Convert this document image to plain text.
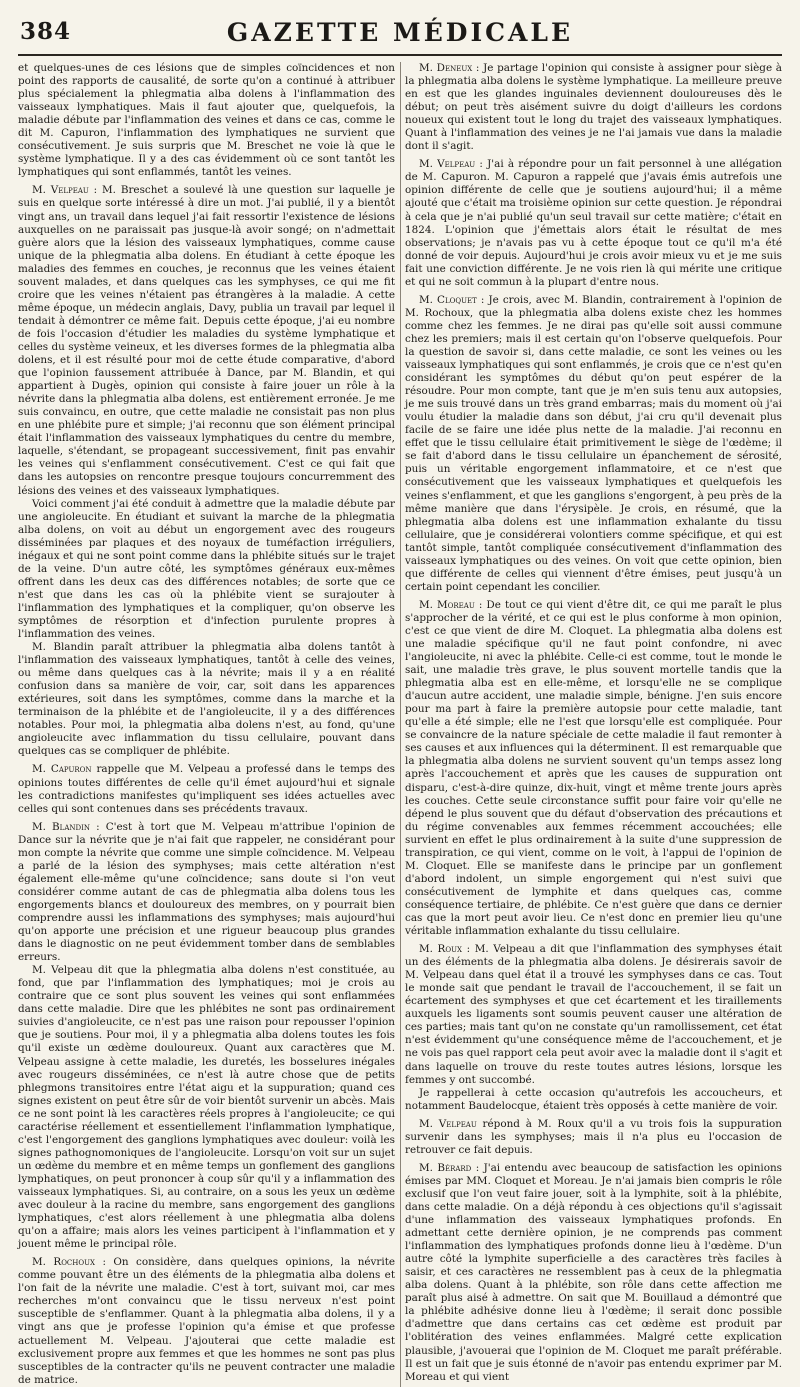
384	GAZETTE MÉDICALE

et quelques-unes de ces lésions que de simples coïncidences et non point des rapports de causalité, de sorte qu'on a continué à attribuer plus spécialement la phlegmatia alba dolens à l'inflammation des vaisseaux lymphatiques. Mais il faut ajouter que, quelquefois, la maladie débute par l'inflammation des veines et dans ce cas, comme le dit M. Capuron, l'inflammation des lymphatiques ne survient que consécutivement. Je suis surpris que M. Breschet ne voie là que le système lymphatique. Il y a des cas évidemment où ce sont tantôt les lymphatiques qui sont enflammés, tantôt les veines.

M. Velpeau : M. Breschet a soulevé là une question sur laquelle je suis en quelque sorte intéressé à dire un mot. J'ai publié, il y a bientôt vingt ans, un travail dans lequel j'ai fait ressortir l'existence de lésions auxquelles on ne paraissait pas jusque-là avoir songé; on n'admettait guère alors que la lésion des vaisseaux lymphatiques, comme cause unique de la phlegmatia alba dolens. En étudiant à cette époque les maladies des femmes en couches, je reconnus que les veines étaient souvent malades, et dans quelques cas les symphyses, ce qui me fit croire que les veines n'étaient pas étrangères à la maladie. A cette même époque, un médecin anglais, Davy, publia un travail par lequel il tendait à démontrer ce même fait. Depuis cette époque, j'ai eu nombre de fois l'occasion d'étudier les maladies du système lymphatique et celles du système veineux, et les diverses formes de la phlegmatia alba dolens, et il est résulté pour moi de cette étude comparative, d'abord que l'opinion faussement attribuée à Dance, par M. Blandin, et qui appartient à Dugès, opinion qui consiste à faire jouer un rôle à la névrite dans la phlegmatia alba dolens, est entièrement erronée. Je me suis convaincu, en outre, que cette maladie ne consistait pas non plus en une phlébite pure et simple; j'ai reconnu que son élément principal était l'inflammation des vaisseaux lymphatiques du centre du membre, laquelle, s'étendant, se propageant successivement, finit pas envahir les veines qui s'enflamment consécutivement. C'est ce qui fait que dans les autopsies on rencontre presque toujours concurremment des lésions des veines et des vaisseaux lymphatiques.

Voici comment j'ai été conduit à admettre que la maladie débute par une angioleucite. En étudiant et suivant la marche de la phlegmatia alba dolens, on voit au début un engorgement avec des rougeurs disséminées par plaques et des noyaux de tuméfaction irréguliers, inégaux et qui ne sont point comme dans la phlébite situés sur le trajet de la veine. D'un autre côté, les symptômes généraux eux-mêmes offrent dans les deux cas des différences notables; de sorte que ce n'est que dans les cas où la phlébite vient se surajouter à l'inflammation des lymphatiques et la compliquer, qu'on observe les symptômes de résorption et d'infection purulente propres à l'inflammation des veines.

M. Blandin paraît attribuer la phlegmatia alba dolens tantôt à l'inflammation des vaisseaux lymphatiques, tantôt à celle des veines, ou même dans quelques cas à la névrite; mais il y a en réalité confusion dans sa manière de voir, car, soit dans les apparences extérieures, soit dans les symptômes, comme dans la marche et la terminaison de la phlébite et de l'angioleucite, il y a des différences notables. Pour moi, la phlegmatia alba dolens n'est, au fond, qu'une angioleucite avec inflammation du tissu cellulaire, pouvant dans quelques cas se compliquer de phlébite.

M. Capuron rappelle que M. Velpeau a professé dans le temps des opinions toutes différentes de celle qu'il émet aujourd'hui et signale les contradictions manifestes qu'impliquent ses idées actuelles avec celles qui sont contenues dans ses précédents travaux.

M. Blandin : C'est à tort que M. Velpeau m'attribue l'opinion de Dance sur la névrite que je n'ai fait que rappeler, ne considérant pour mon compte la névrite que comme une simple coïncidence. M. Velpeau a parlé de la lésion des symphyses; mais cette altération n'est également elle-même qu'une coïncidence; sans doute si l'on veut considérer comme autant de cas de phlegmatia alba dolens tous les engorgements blancs et douloureux des membres, on y pourrait bien comprendre aussi les inflammations des symphyses; mais aujourd'hui qu'on apporte une précision et une rigueur beaucoup plus grandes dans le diagnostic on ne peut évidemment tomber dans de semblables erreurs.

M. Velpeau dit que la phlegmatia alba dolens n'est constituée, au fond, que par l'inflammation des lymphatiques; moi je crois au contraire que ce sont plus souvent les veines qui sont enflammées dans cette maladie. Dire que les phlébites ne sont pas ordinairement suivies d'angioleucite, ce n'est pas une raison pour repousser l'opinion que je soutiens. Pour moi, il y a phlegmatia alba dolens toutes les fois qu'il existe un œdème douloureux. Quant aux caractères que M. Velpeau assigne à cette maladie, les duretés, les bosselures inégales avec rougeurs disséminées, ce n'est là autre chose que de petits phlegmons transitoires entre l'état aigu et la suppuration; quand ces signes existent on peut être sûr de voir bientôt survenir un abcès. Mais ce ne sont point là les caractères réels propres à l'angioleucite; ce qui caractérise réellement et essentiellement l'inflammation lymphatique, c'est l'engorgement des ganglions lymphatiques avec douleur: voilà les signes pathognomoniques de l'angioleucite. Lorsqu'on voit sur un sujet un œdème du membre et en même temps un gonflement des ganglions lymphatiques, on peut prononcer à coup sûr qu'il y a inflammation des vaisseaux lymphatiques. Si, au contraire, on a sous les yeux un œdème avec douleur à la racine du membre, sans engorgement des ganglions lymphatiques, c'est alors réellement à une phlegmatia alba dolens qu'on a affaire; mais alors les veines participent à l'inflammation et y jouent même le principal rôle.

M. Rochoux : On considère, dans quelques opinions, la névrite comme pouvant être un des éléments de la phlegmatia alba dolens et l'on fait de la névrite une maladie. C'est à tort, suivant moi, car mes recherches m'ont convaincu que le tissu nerveux n'est point susceptible de s'enflammer. Quant à la phlegmatia alba dolens, il y a vingt ans que je professe l'opinion qu'a émise et que professe actuellement M. Velpeau. J'ajouterai que cette maladie est exclusivement propre aux femmes et que les hommes ne sont pas plus susceptibles de la contracter qu'ils ne peuvent contracter une maladie de matrice.

M. Deneux : Je partage l'opinion qui consiste à assigner pour siège à la phlegmatia alba dolens le système lymphatique. La meilleure preuve en est que les glandes inguinales deviennent douloureuses dès le début; on peut très aisément suivre du doigt d'ailleurs les cordons noueux qui existent tout le long du trajet des vaisseaux lymphatiques. Quant à l'inflammation des veines je ne l'ai jamais vue dans la maladie dont il s'agit.

M. Velpeau : J'ai à répondre pour un fait personnel à une allégation de M. Capuron. M. Capuron a rappelé que j'avais émis autrefois une opinion différente de celle que je soutiens aujourd'hui; il a même ajouté que c'était ma troisième opinion sur cette question. Je répondrai à cela que je n'ai publié qu'un seul travail sur cette matière; c'était en 1824. L'opinion que j'émettais alors était le résultat de mes observations; je n'avais pas vu à cette époque tout ce qu'il m'a été donné de voir depuis. Aujourd'hui je crois avoir mieux vu et je me suis fait une conviction différente. Je ne vois rien là qui mérite une critique et qui ne soit commun à la plupart d'entre nous.

M. Cloquet : Je crois, avec M. Blandin, contrairement à l'opinion de M. Rochoux, que la phlegmatia alba dolens existe chez les hommes comme chez les femmes. Je ne dirai pas qu'elle soit aussi commune chez les premiers; mais il est certain qu'on l'observe quelquefois. Pour la question de savoir si, dans cette maladie, ce sont les veines ou les vaisseaux lymphatiques qui sont enflammés, je crois que ce n'est qu'en considérant les symptômes du début qu'on peut espérer de la résoudre. Pour mon compte, tant que je m'en suis tenu aux autopsies, je me suis trouvé dans un très grand embarras; mais du moment où j'ai voulu étudier la maladie dans son début, j'ai cru qu'il devenait plus facile de se faire une idée plus nette de la maladie. J'ai reconnu en effet que le tissu cellulaire était primitivement le siège de l'œdème; il se fait d'abord dans le tissu cellulaire un épanchement de sérosité, puis un véritable engorgement inflammatoire, et ce n'est que consécutivement que les vaisseaux lymphatiques et quelquefois les veines s'enflamment, et que les ganglions s'engorgent, à peu près de la même manière que dans l'érysipèle. Je crois, en résumé, que la phlegmatia alba dolens est une inflammation exhalante du tissu cellulaire, que je considérerai volontiers comme spécifique, et qui est tantôt simple, tantôt compliquée consécutivement d'inflammation des vaisseaux lymphatiques ou des veines. On voit que cette opinion, bien que différente de celles qui viennent d'être émises, peut jusqu'à un certain point cependant les concilier.

M. Moreau : De tout ce qui vient d'être dit, ce qui me paraît le plus s'approcher de la vérité, et ce qui est le plus conforme à mon opinion, c'est ce que vient de dire M. Cloquet. La phlegmatia alba dolens est une maladie spécifique qu'il ne faut point confondre, ni avec l'angioleucite, ni avec la phlébite. Celle-ci est comme, tout le monde le sait, une maladie très grave, le plus souvent mortelle tandis que la phlegmatia alba est en elle-même, et lorsqu'elle ne se complique d'aucun autre accident, une maladie simple, bénigne. J'en suis encore pour ma part à faire la première autopsie pour cette maladie, tant qu'elle a été simple; elle ne l'est que lorsqu'elle est compliquée. Pour se convaincre de la nature spéciale de cette maladie il faut remonter à ses causes et aux influences qui la déterminent. Il est remarquable que la phlegmatia alba dolens ne survient souvent qu'un temps assez long après l'accouchement et après que les causes de suppuration ont disparu, c'est-à-dire quinze, dix-huit, vingt et même trente jours après les couches. Cette seule circonstance suffit pour faire voir qu'elle ne dépend le plus souvent que du défaut d'observation des précautions et du régime convenables aux femmes récemment accouchées; elle survient en effet le plus ordinairement à la suite d'une suppression de transpiration, ce qui vient, comme on le voit, à l'appui de l'opinion de M. Cloquet. Elle se manifeste dans le principe par un gonflement d'abord indolent, un simple engorgement qui n'est suivi que consécutivement de lymphite et dans quelques cas, comme conséquence tertiaire, de phlébite. Ce n'est guère que dans ce dernier cas que la mort peut avoir lieu. Ce n'est donc en premier lieu qu'une véritable inflammation exhalante du tissu cellulaire.

M. Roux : M. Velpeau a dit que l'inflammation des symphyses était un des éléments de la phlegmatia alba dolens. Je désirerais savoir de M. Velpeau dans quel état il a trouvé les symphyses dans ce cas. Tout le monde sait que pendant le travail de l'accouchement, il se fait un écartement des symphyses et que cet écartement et les tiraillements auxquels les ligaments sont soumis peuvent causer une altération de ces parties; mais tant qu'on ne constate qu'un ramollissement, cet état n'est évidemment qu'une conséquence même de l'accouchement, et je ne vois pas quel rapport cela peut avoir avec la maladie dont il s'agit et dans laquelle on trouve du reste toutes autres lésions, lorsque les femmes y ont succombé.

Je rappellerai à cette occasion qu'autrefois les accoucheurs, et notamment Baudelocque, étaient très opposés à cette manière de voir.

M. Velpeau répond à M. Roux qu'il a vu trois fois la suppuration survenir dans les symphyses; mais il n'a plus eu l'occasion de retrouver ce fait depuis.

M. Bérard : J'ai entendu avec beaucoup de satisfaction les opinions émises par MM. Cloquet et Moreau. Je n'ai jamais bien compris le rôle exclusif que l'on veut faire jouer, soit à la lymphite, soit à la phlébite, dans cette maladie. On a déjà répondu à ces objections qu'il s'agissait d'une inflammation des vaisseaux lymphatiques profonds. En admettant cette dernière opinion, je ne comprends pas comment l'inflammation des lymphatiques profonds donne lieu à l'œdème. D'un autre côté la lymphite superficielle a des caractères très faciles à saisir, et ces caractères ne ressemblent pas à ceux de la phlegmatia alba dolens. Quant à la phlébite, son rôle dans cette affection me paraît plus aisé à admettre. On sait que M. Bouillaud a démontré que la phlébite adhésive donne lieu à l'œdème; il serait donc possible d'admettre que dans certains cas cet œdème est produit par l'oblitération des veines enflammées. Malgré cette explication plausible, j'avouerai que l'opinion de M. Cloquet me paraît préférable. Il est un fait que je suis étonné de n'avoir pas entendu exprimer par M. Moreau et qui vient
